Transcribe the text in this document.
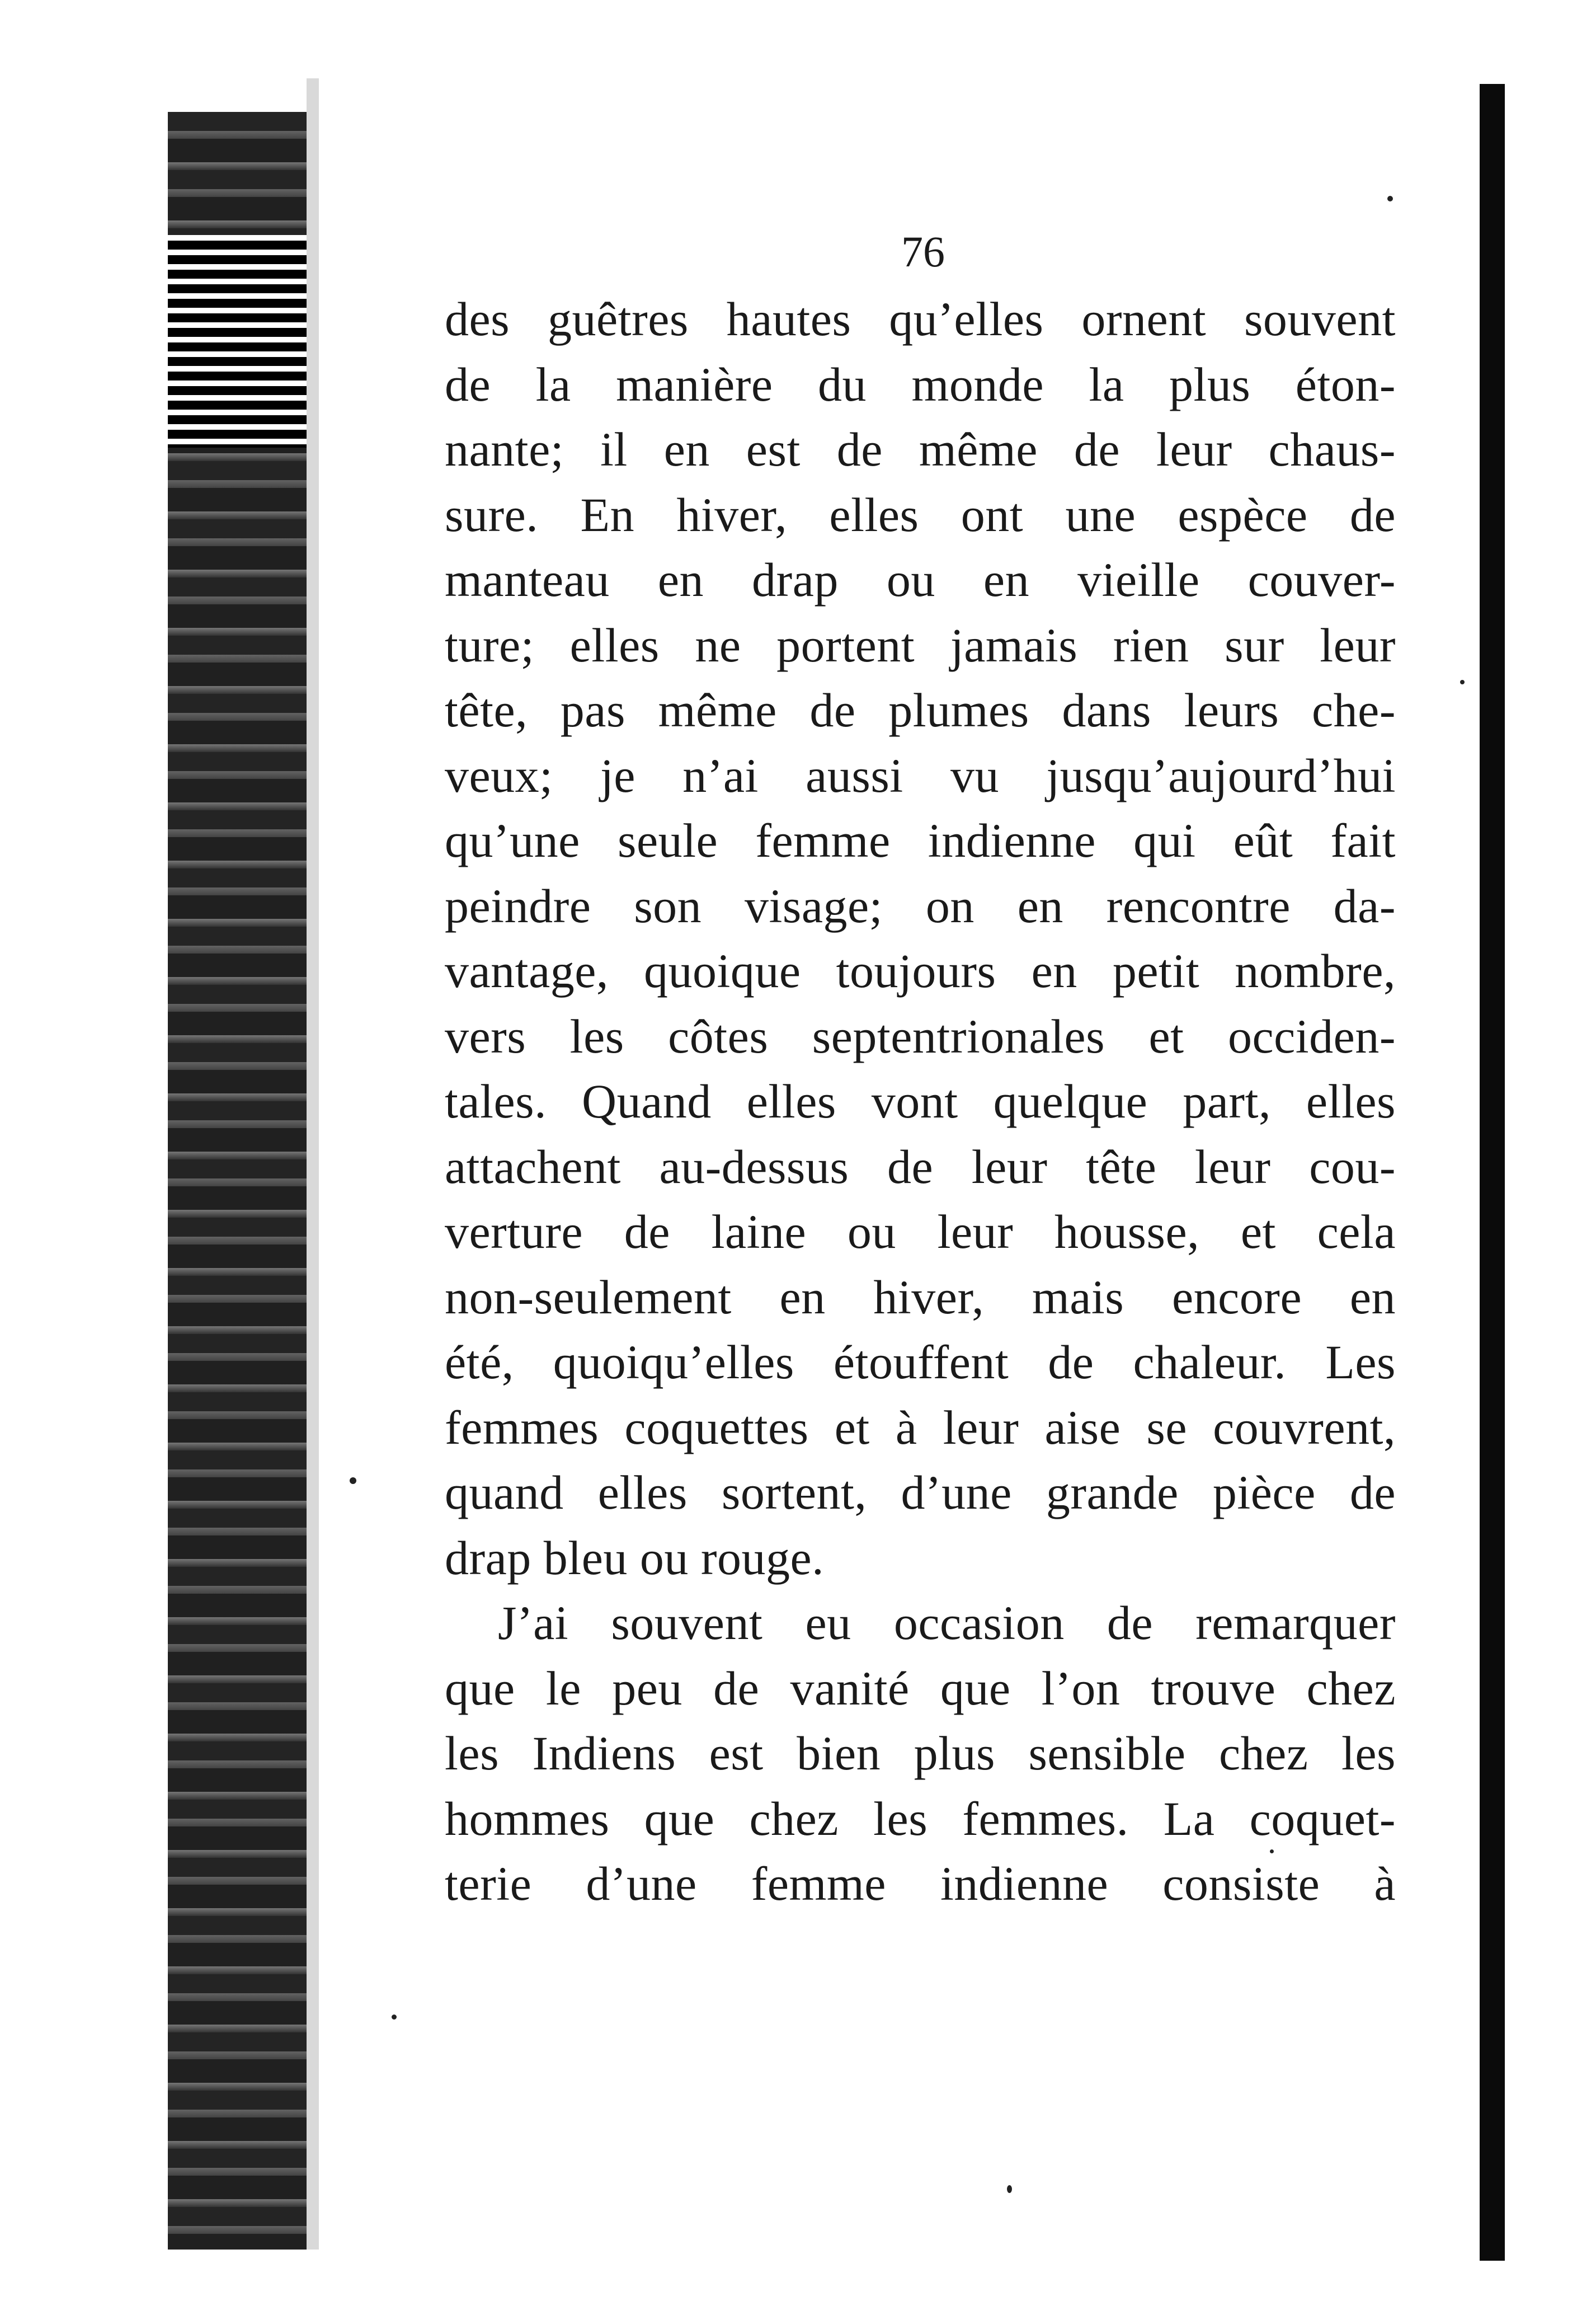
76
des guêtres hautes qu’elles ornent souvent
de la manière du monde la plus éton-
nante; il en est de même de leur chaus-
sure. En hiver, elles ont une espèce de
manteau en drap ou en vieille couver-
ture; elles ne portent jamais rien sur leur
tête, pas même de plumes dans leurs che-
veux; je n’ai aussi vu jusqu’aujourd’hui
qu’une seule femme indienne qui eût fait
peindre son visage; on en rencontre da-
vantage, quoique toujours en petit nombre,
vers les côtes septentrionales et occiden-
tales. Quand elles vont quelque part, elles
attachent au-dessus de leur tête leur cou-
verture de laine ou leur housse, et cela
non-seulement en hiver, mais encore en
été, quoiqu’elles étouffent de chaleur. Les
femmes coquettes et à leur aise se couvrent,
quand elles sortent, d’une grande pièce de
drap bleu ou rouge.
J’ai souvent eu occasion de remarquer
que le peu de vanité que l’on trouve chez
les Indiens est bien plus sensible chez les
hommes que chez les femmes. La coquet-
terie d’une femme indienne consiste à
